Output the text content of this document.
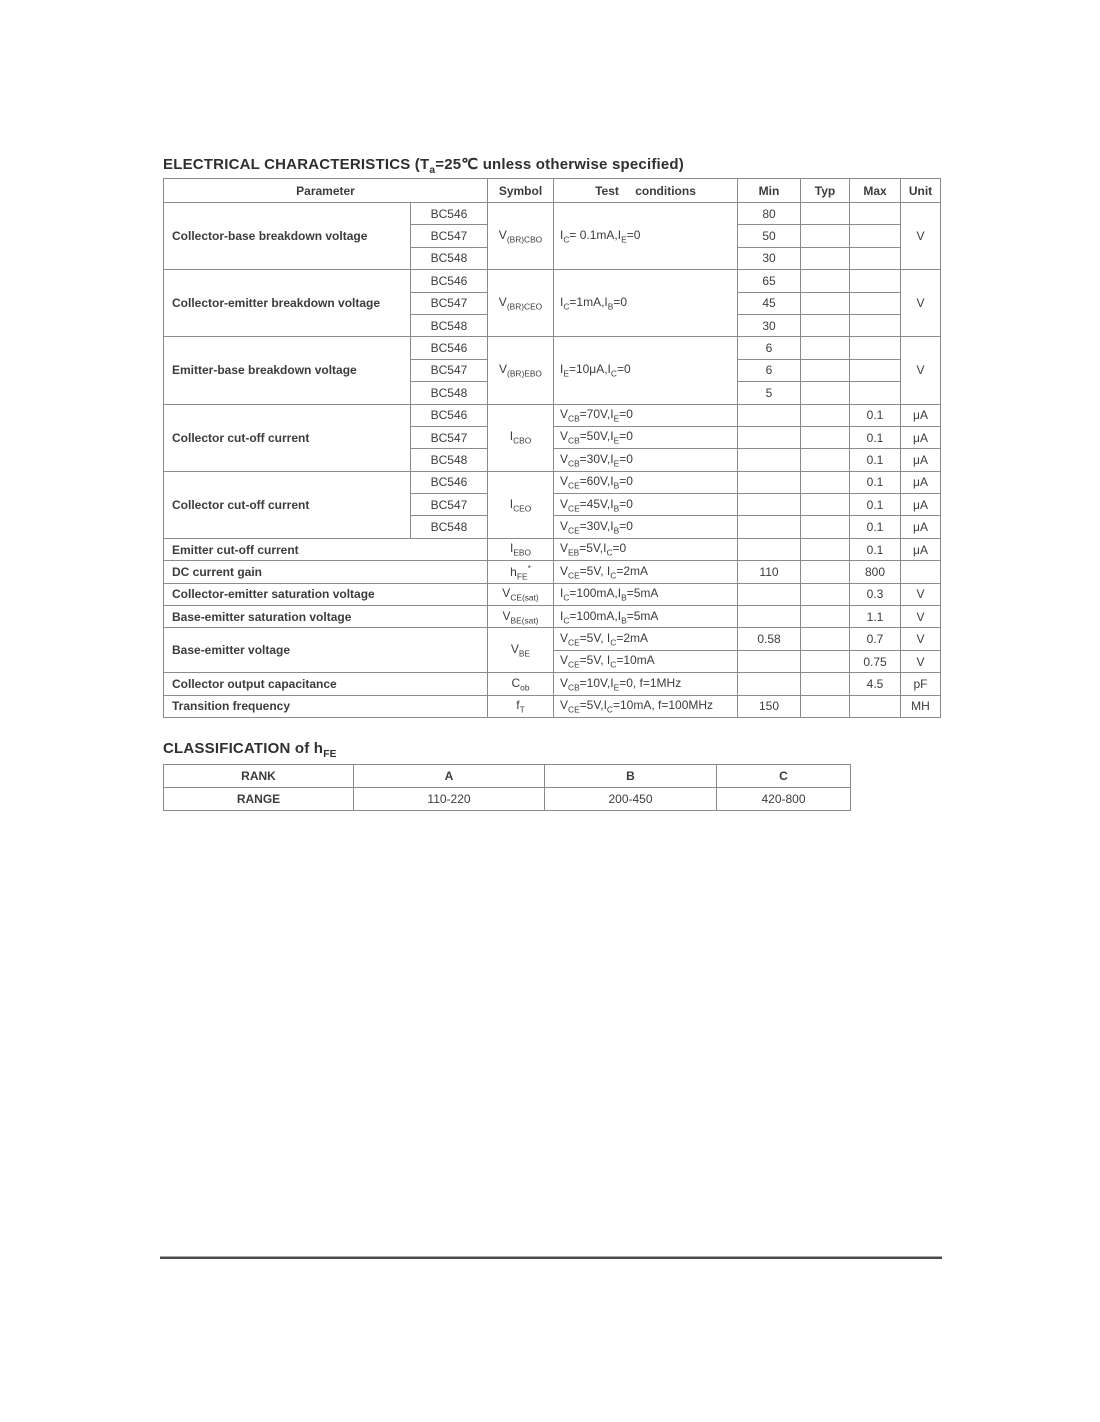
ELECTRICAL CHARACTERISTICS ($T_a=25℃$ unless otherwise specified)
Parameter		Symbol	Test conditions	Min	Typ	Max	Unit
Collector-base breakdown voltage	BC546	$V_{(BR)CBO}$	$I_C= 0.1mA,I_E=0$	80			V
	BC547			50			
	BC548			30			
Collector-emitter breakdown voltage	BC546	$V_{(BR)CEO}$	$I_C=1mA,I_B=0$	65			V
	BC547			45			
	BC548			30			
Emitter-base breakdown voltage	BC546	$V_{(BR)EBO}$	$I_E=10\mu A,I_C=0$	6			V
	BC547			6			
	BC548			5			
Collector cut-off current	BC546	$I_{CBO}$	$V_{CB}=70V,I_E=0$			0.1	μA
	BC547		$V_{CB}=50V,I_E=0$			0.1	μA
	BC548		$V_{CB}=30V,I_E=0$			0.1	μA
Collector cut-off current	BC546	$I_{CEO}$	$V_{CE}=60V,I_B=0$			0.1	μA
	BC547		$V_{CE}=45V,I_B=0$			0.1	μA
	BC548		$V_{CE}=30V,I_B=0$			0.1	μA
Emitter cut-off current		$I_{EBO}$	$V_{EB}=5V,I_C=0$			0.1	μA
DC current gain		$h_{FE}^*$	$V_{CE}=5V$, $I_C=2mA$	110		800	
Collector-emitter saturation voltage		$V_{CE(sat)}$	$I_C=100mA,I_B=5mA$			0.3	V
Base-emitter saturation voltage		$V_{BE(sat)}$	$I_C=100mA,I_B=5mA$			1.1	V
Base-emitter voltage		$V_{BE}$	$V_{CE}=5V$, $I_C=2mA$	0.58		0.7	V
			$V_{CE}=5V$, $I_C=10mA$			0.75	V
Collector output capacitance		$C_{ob}$	$V_{CB}=10V,I_E=0$, f=1MHz			4.5	pF
Transition frequency		$f_T$	$V_{CE}=5V,I_C=10mA$, f=100MHz	150			MH
CLASSIFICATION of $h_{FE}$
RANK	A	B	C
RANGE	110-220	200-450	420-800
